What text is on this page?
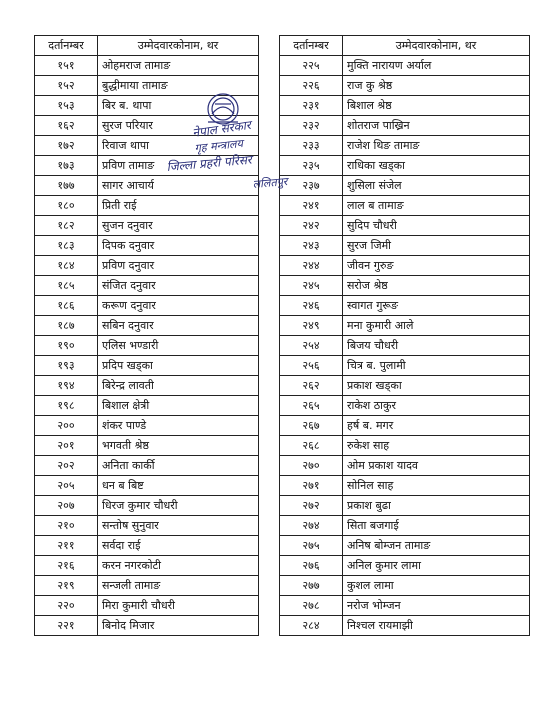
दर्तानम्बर	उम्मेदवारकोनाम, थर
१५१	ओहमराज तामाङ
१५२	बुद्धीमाया तामाङ
१५३	बिर ब. थापा
१६२	सुरज परियार
१७२	रिवाज थापा
१७३	प्रविण तामाङ
१७७	सागर आचार्य
१८०	प्रिती राई
१८२	सुजन दनुवार
१८३	दिपक दनुवार
१८४	प्रविण दनुवार
१८५	संजित दनुवार
१८६	करूण दनुवार
१८७	सबिन दनुवार
१९०	एलिस भण्डारी
१९३	प्रदिप खड्का
१९४	बिरेन्द्र लावती
१९८	बिशाल क्षेत्री
२००	शंकर पाण्डे
२०१	भगवती श्रेष्ठ
२०२	अनिता कार्की
२०५	धन ब बिष्ट
२०७	धिरज कुमार चौधरी
२१०	सन्तोष सुनुवार
२११	सर्वदा राई
२१६	करन नगरकोटी
२१९	सन्जली तामाङ
२२०	मिरा कुमारी चौधरी
२२१	बिनोद मिजार
दर्तानम्बर	उम्मेदवारकोनाम, थर
२२५	मुक्ति नारायण अर्याल
२२६	राज कु श्रेष्ठ
२३१	बिशाल श्रेष्ठ
२३२	शोतराज पाख्रिन
२३३	राजेश थिङ तामाङ
२३५	राधिका खड्का
२३७	शुसिला संजेल
२४१	लाल ब तामाङ
२४२	सुदिप चौधरी
२४३	सुरज जिमी
२४४	जीवन गुरुङ
२४५	सरोज श्रेष्ठ
२४६	स्वागत गुरूङ
२४९	मना कुमारी आले
२५४	बिजय चौधरी
२५६	चित्र ब. पुलामी
२६२	प्रकाश खड्का
२६५	राकेश ठाकुर
२६७	हर्ष ब. मगर
२६८	रुकेश साह
२७०	ओम प्रकाश यादव
२७१	सोनिल साह
२७२	प्रकाश बुढा
२७४	सिता बजगाई
२७५	अनिष बोम्जन तामाङ
२७६	अनिल कुमार लामा
२७७	कुशल लामा
२७८	नरोज भोम्जन
२८४	निश्चल रायमाझी
नेपाल सरकार
गृह मन्त्रालय
जिल्ला प्रहरी परिसर
ललितपुर
